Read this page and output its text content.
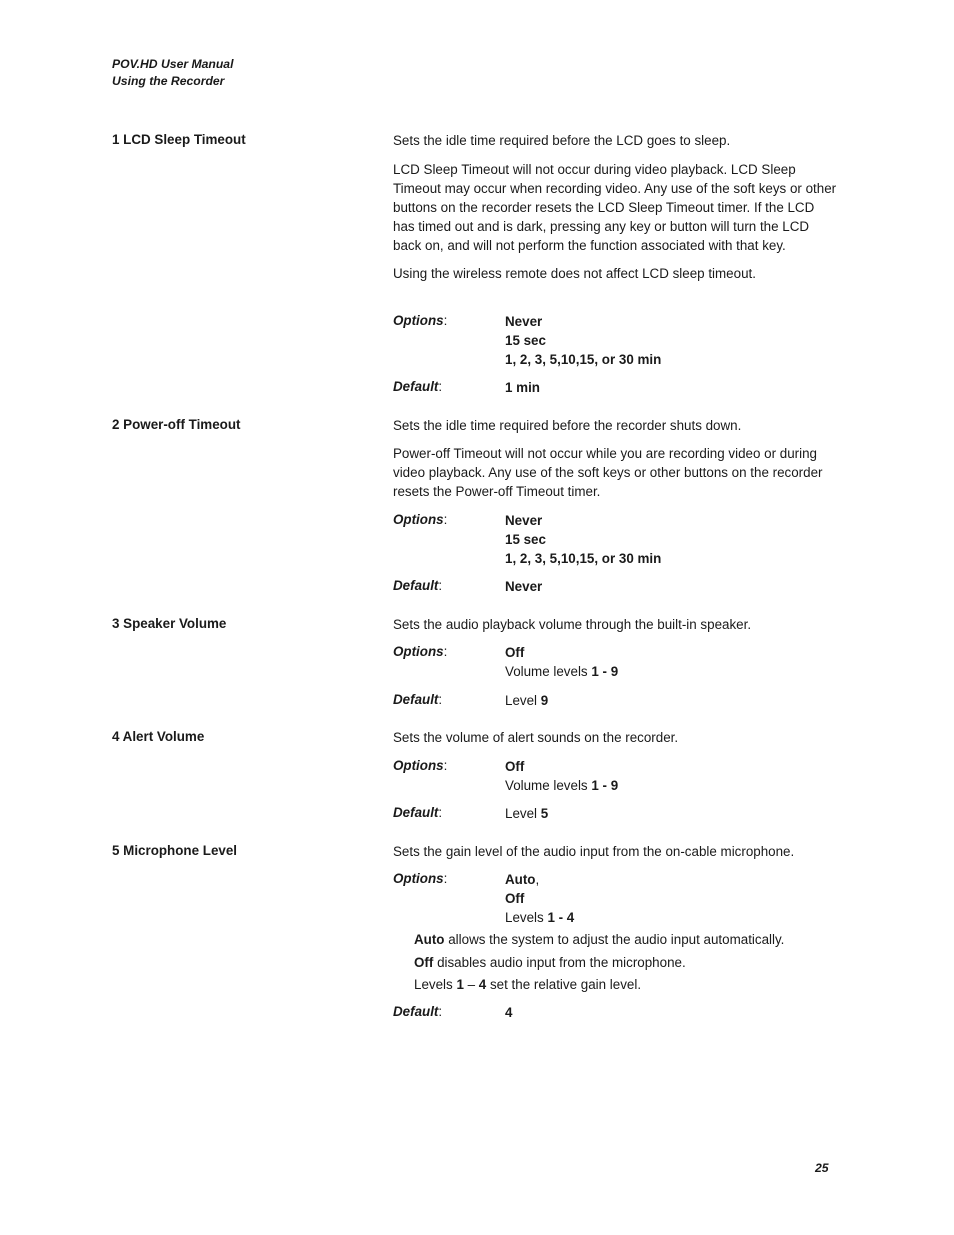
POV.HD User Manual
Using the Recorder
1 LCD Sleep Timeout	Sets the idle time required before the LCD goes to sleep.

LCD Sleep Timeout will not occur during video playback. LCD Sleep Timeout may occur when recording video. Any use of the soft keys or other buttons on the recorder resets the LCD Sleep Timeout timer. If the LCD has timed out and is dark, pressing any key or button will turn the LCD back on, and will not perform the function associated with that key.

Using the wireless remote does not affect LCD sleep timeout.

Options:	Never
15 sec
1, 2, 3, 5,10,15, or 30 min
Default:	1 min
2 Power-off Timeout	Sets the idle time required before the recorder shuts down.

Power-off Timeout will not occur while you are recording video or during video playback. Any use of the soft keys or other buttons on the recorder resets the Power-off Timeout timer.

Options:	Never
15 sec
1, 2, 3, 5,10,15, or 30 min
Default:	Never
3 Speaker Volume	Sets the audio playback volume through the built-in speaker.

Options:	Off
Volume levels 1 - 9
Default:	Level 9
4 Alert Volume	Sets the volume of alert sounds on the recorder.

Options:	Off
Volume levels 1 - 9
Default:	Level 5
5 Microphone Level	Sets the gain level of the audio input from the on-cable microphone.

Options:	Auto,
Off
Levels 1 - 4
Auto allows the system to adjust the audio input automatically.
Off disables audio input from the microphone.
Levels 1 – 4 set the relative gain level.
Default:	4
25
